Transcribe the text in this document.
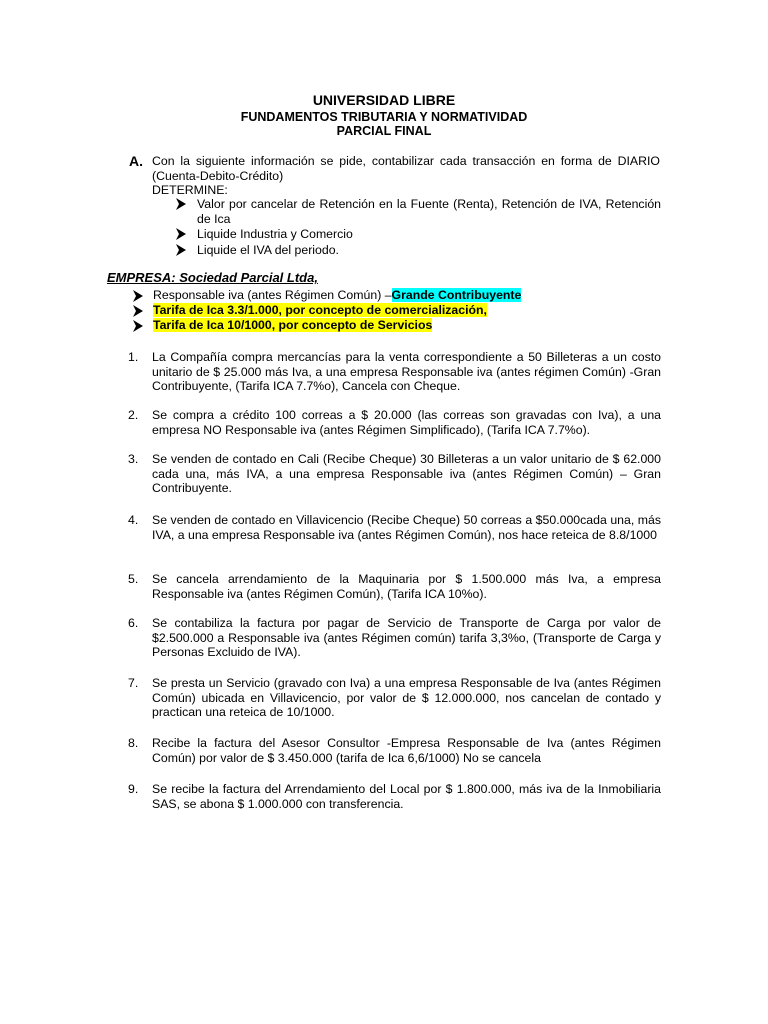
UNIVERSIDAD LIBRE
FUNDAMENTOS TRIBUTARIA Y NORMATIVIDAD
PARCIAL FINAL
A. Con la siguiente información se pide, contabilizar cada transacción en forma de DIARIO
(Cuenta-Debito-Crédito)
DETERMINE:
Valor por cancelar de Retención en la Fuente (Renta), Retención de IVA, Retención de Ica
Liquide Industria y Comercio
Liquide el IVA del periodo.
EMPRESA: Sociedad Parcial Ltda,
Responsable iva (antes Régimen Común) –Grande Contribuyente
Tarifa de Ica 3.3/1.000, por concepto de comercialización,
Tarifa de Ica 10/1000, por concepto de Servicios
1.	La Compañía compra mercancías para la venta correspondiente a 50 Billeteras a un costo unitario de $ 25.000 más Iva, a una empresa Responsable iva (antes régimen Común) -Gran Contribuyente, (Tarifa ICA 7.7%o), Cancela con Cheque.
2.	Se compra a crédito 100 correas a $ 20.000 (las correas son gravadas con Iva), a una empresa NO Responsable iva (antes Régimen Simplificado), (Tarifa ICA 7.7%o).
3.	Se venden de contado en Cali (Recibe Cheque) 30 Billeteras a un valor unitario de $ 62.000 cada una, más IVA, a una empresa Responsable iva (antes Régimen Común) – Gran Contribuyente.
4.	Se venden de contado en Villavicencio (Recibe Cheque) 50 correas a $50.000cada una, más IVA, a una empresa Responsable iva (antes Régimen Común), nos hace reteica de 8.8/1000
5.	Se cancela arrendamiento de la Maquinaria por $ 1.500.000 más Iva, a empresa Responsable iva (antes Régimen Común), (Tarifa ICA 10%o).
6.	Se contabiliza la factura por pagar de Servicio de Transporte de Carga por valor de $2.500.000 a Responsable iva (antes Régimen común) tarifa 3,3%o, (Transporte de Carga y Personas Excluido de IVA).
7.	Se presta un Servicio (gravado con Iva) a una empresa Responsable de Iva (antes Régimen Común) ubicada en Villavicencio, por valor de $ 12.000.000, nos cancelan de contado y practican una reteica de 10/1000.
8.	Recibe la factura del Asesor Consultor -Empresa Responsable de Iva (antes Régimen Común) por valor de $ 3.450.000 (tarifa de Ica 6,6/1000) No se cancela
9.	Se recibe la factura del Arrendamiento del Local por $ 1.800.000, más iva de la Inmobiliaria SAS, se abona $ 1.000.000 con transferencia.
